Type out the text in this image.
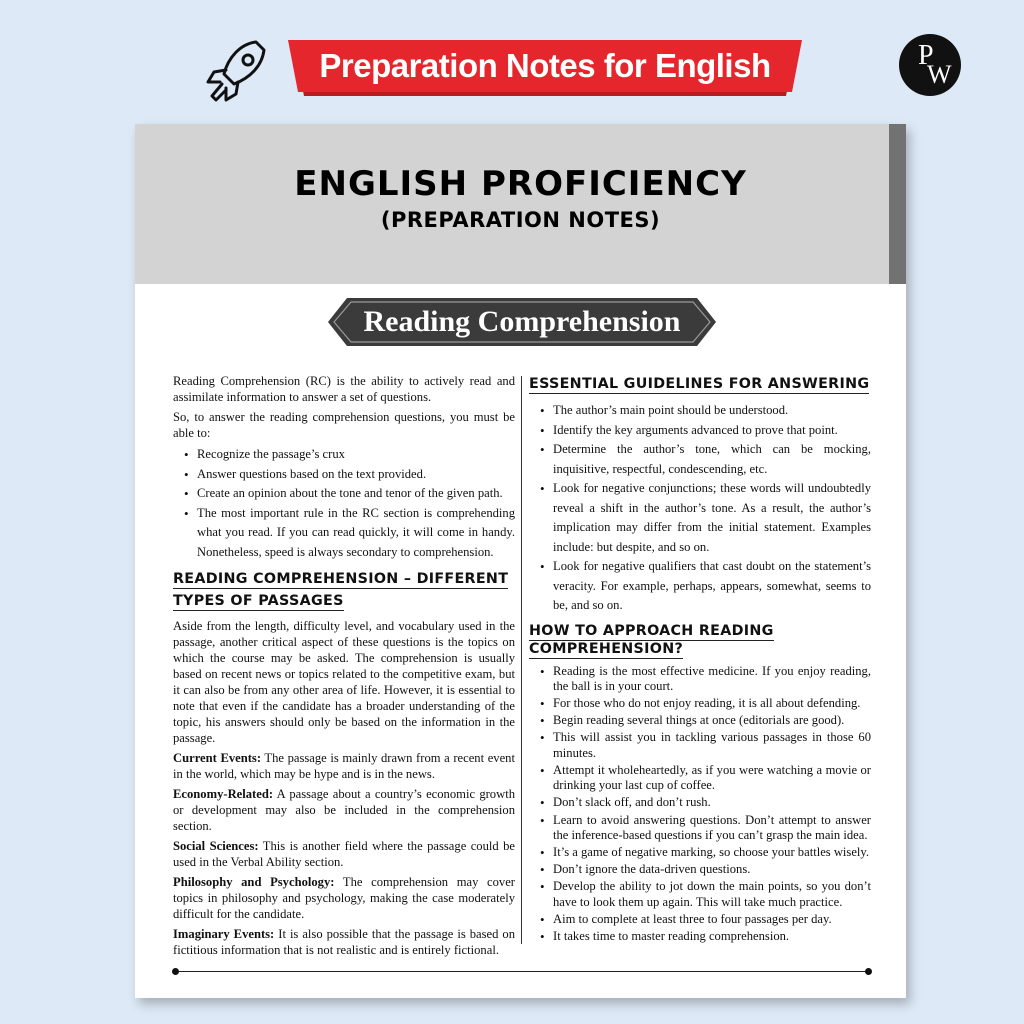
Preparation Notes for English	P
W
ENGLISH PROFICIENCY
(PREPARATION NOTES)
Reading Comprehension

Reading Comprehension (RC) is the ability to actively read and assimilate information to answer a set of questions.

So, to answer the reading comprehension questions, you must be able to:

• Recognize the passage’s crux
• Answer questions based on the text provided.
• Create an opinion about the tone and tenor of the given path.
• The most important rule in the RC section is comprehending what you read. If you can read quickly, it will come in handy. Nonetheless, speed is always secondary to comprehension.
READING COMPREHENSION – DIFFERENT
TYPES OF PASSAGES

Aside from the length, difficulty level, and vocabulary used in the passage, another critical aspect of these questions is the topics on which the course may be asked. The comprehension is usually based on recent news or topics related to the competitive exam, but it can also be from any other area of life. However, it is essential to note that even if the candidate has a broader understanding of the topic, his answers should only be based on the information in the passage.

Current Events: The passage is mainly drawn from a recent event in the world, which may be hype and is in the news.

Economy-Related: A passage about a country’s economic growth or development may also be included in the comprehension section.

Social Sciences: This is another field where the passage could be used in the Verbal Ability section.

Philosophy and Psychology: The comprehension may cover topics in philosophy and psychology, making the case moderately difficult for the candidate.

Imaginary Events: It is also possible that the passage is based on fictitious information that is not realistic and is entirely fictional.

ESSENTIAL GUIDELINES FOR ANSWERING
• The author’s main point should be understood.
• Identify the key arguments advanced to prove that point.
• Determine the author’s tone, which can be mocking, inquisitive, respectful, condescending, etc.
• Look for negative conjunctions; these words will undoubtedly reveal a shift in the author’s tone. As a result, the author’s implication may differ from the initial statement. Examples include: but despite, and so on.
• Look for negative qualifiers that cast doubt on the statement’s veracity. For example, perhaps, appears, somewhat, seems to be, and so on.
HOW TO APPROACH READING
COMPREHENSION?
• Reading is the most effective medicine. If you enjoy reading, the ball is in your court.
• For those who do not enjoy reading, it is all about defending.
• Begin reading several things at once (editorials are good).
• This will assist you in tackling various passages in those 60 minutes.
• Attempt it wholeheartedly, as if you were watching a movie or drinking your last cup of coffee.
• Don’t slack off, and don’t rush.
• Learn to avoid answering questions. Don’t attempt to answer the inference-based questions if you can’t grasp the main idea.
• It’s a game of negative marking, so choose your battles wisely.
• Don’t ignore the data-driven questions.
• Develop the ability to jot down the main points, so you don’t have to look them up again. This will take much practice.
• Aim to complete at least three to four passages per day.
• It takes time to master reading comprehension.
